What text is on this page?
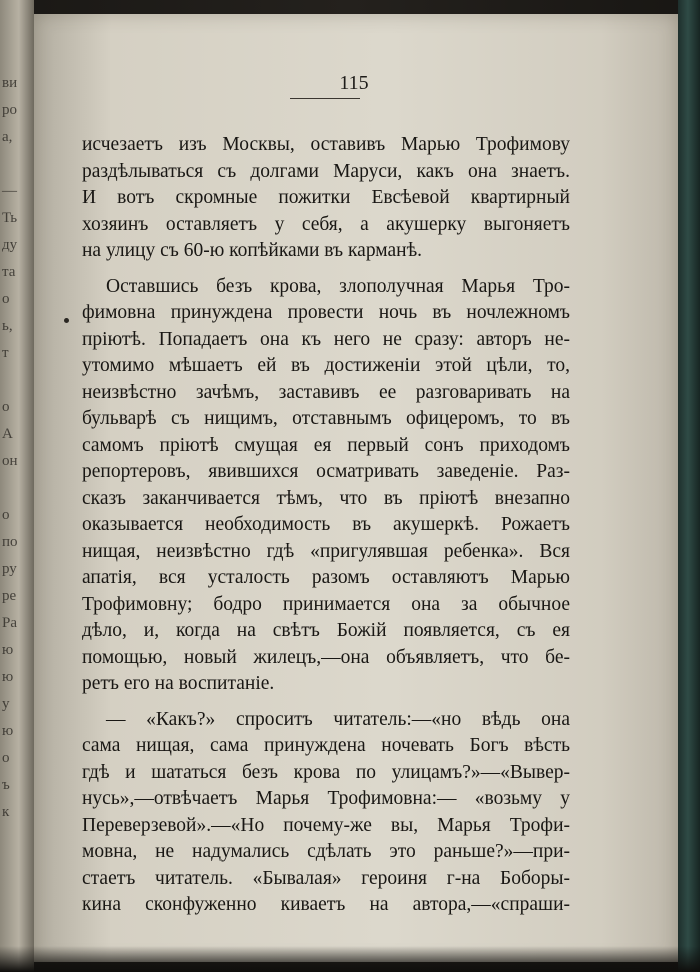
ви
ро
а,

—
Ть
ду
та
о
ь,
т

о
А
он

о
по
ру
ре
Ра
ю
ю
у
ю
о
ъ
к
115
исчезаетъ изъ Москвы, оставивъ Марью Трофимову
раздѣлываться съ долгами Маруси, какъ она знаетъ.
И вотъ скромные пожитки Евсѣевой квартирный
хозяинъ оставляетъ у себя, а акушерку выгоняетъ
на улицу съ 60-ю копѣйками въ карманѣ.
Оставшись безъ крова, злополучная Марья Тро-
фимовна принуждена провести ночь въ ночлежномъ
пріютѣ. Попадаетъ она къ него не сразу: авторъ не-
утомимо мѣшаетъ ей въ достиженіи этой цѣли, то,
неизвѣстно зачѣмъ, заставивъ ее разговаривать на
бульварѣ съ нищимъ, отставнымъ офицеромъ, то въ
самомъ пріютѣ смущая ея первый сонъ приходомъ
репортеровъ, явившихся осматривать заведеніе. Раз-
сказъ заканчивается тѣмъ, что въ пріютѣ внезапно
оказывается необходимость въ акушеркѣ. Рожаетъ
нищая, неизвѣстно гдѣ «пригулявшая ребенка». Вся
апатія, вся усталость разомъ оставляютъ Марью
Трофимовну; бодро принимается она за обычное
дѣло, и, когда на свѣтъ Божій появляется, съ ея
помощью, новый жилецъ,—она объявляетъ, что бе-
ретъ его на воспитаніе.
— «Какъ?» спроситъ читатель:—«но вѣдь она
сама нищая, сама принуждена ночевать Богъ вѣсть
гдѣ и шататься безъ крова по улицамъ?»—«Вывер-
нусь»,—отвѣчаетъ Марья Трофимовна:— «возьму у
Переверзевой».—«Но почему-же вы, Марья Трофи-
мовна, не надумались сдѣлать это раньше?»—при-
стаетъ читатель. «Бывалая» героиня г-на Боборы-
кина сконфуженно киваетъ на автора,—«спраши-
